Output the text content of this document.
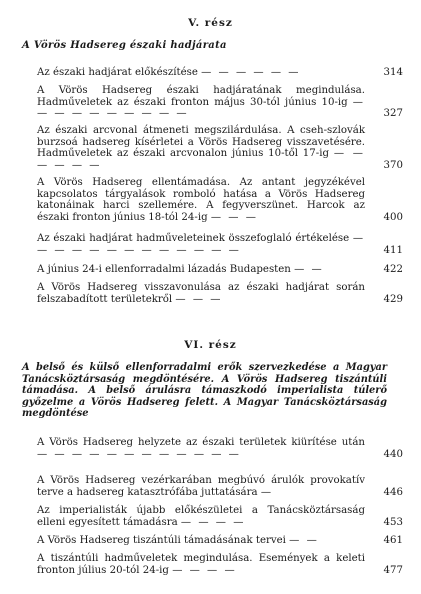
V. rész
A Vörös Hadsereg északi hadjárata
Az északi hadjárat előkészítése — — — — — —	314
A Vörös Hadsereg északi hadjáratának megindulása. Hadműveletek az északi fronton május 30-tól június 10-ig — — — — — — — — — —	327
Az északi arcvonal átmeneti megszilárdulása. A cseh-szlovák burzsoá hadsereg kísérletei a Vörös Hadsereg visszavetésére. Hadműveletek az északi arcvonalon június 10-től 17-ig — — — — — —	370
A Vörös Hadsereg ellentámadása. Az antant jegyzékével kapcsolatos tárgyalások romboló hatása a Vörös Hadsereg katonáinak harci szellemére. A fegyverszünet. Harcok az északi fronton június 18-tól 24-ig — — —	400
Az északi hadjárat hadműveleteinek összefoglaló értékelése — — — — — — — — — — — — —	411
A június 24-i ellenforradalmi lázadás Budapesten — —	422
A Vörös Hadsereg visszavonulása az északi hadjárat során felszabadított területekről — — —	429
VI. rész
A belső és külső ellenforradalmi erők szervezkedése a Magyar Tanácsköztársaság megdöntésére. A Vörös Hadsereg tiszántúli támadása. A belső árulásra támaszkodó imperialista túlerő győzelme a Vörös Hadsereg felett. A Magyar Tanácsköztársaság megdöntése
A Vörös Hadsereg helyzete az északi területek kiürítése után — — — — — — — — — — — —	440
A Vörös Hadsereg vezérkarában megbúvó árulók provokatív terve a hadsereg katasztrófába juttatására —	446
Az imperialisták újabb előkészületei a Tanácsköztársaság elleni egyesített támadásra — — — —	453
A Vörös Hadsereg tiszántúli támadásának tervei — —	461
A tiszántúli hadműveletek megindulása. Események a keleti fronton július 20-tól 24-ig — — — —	477
